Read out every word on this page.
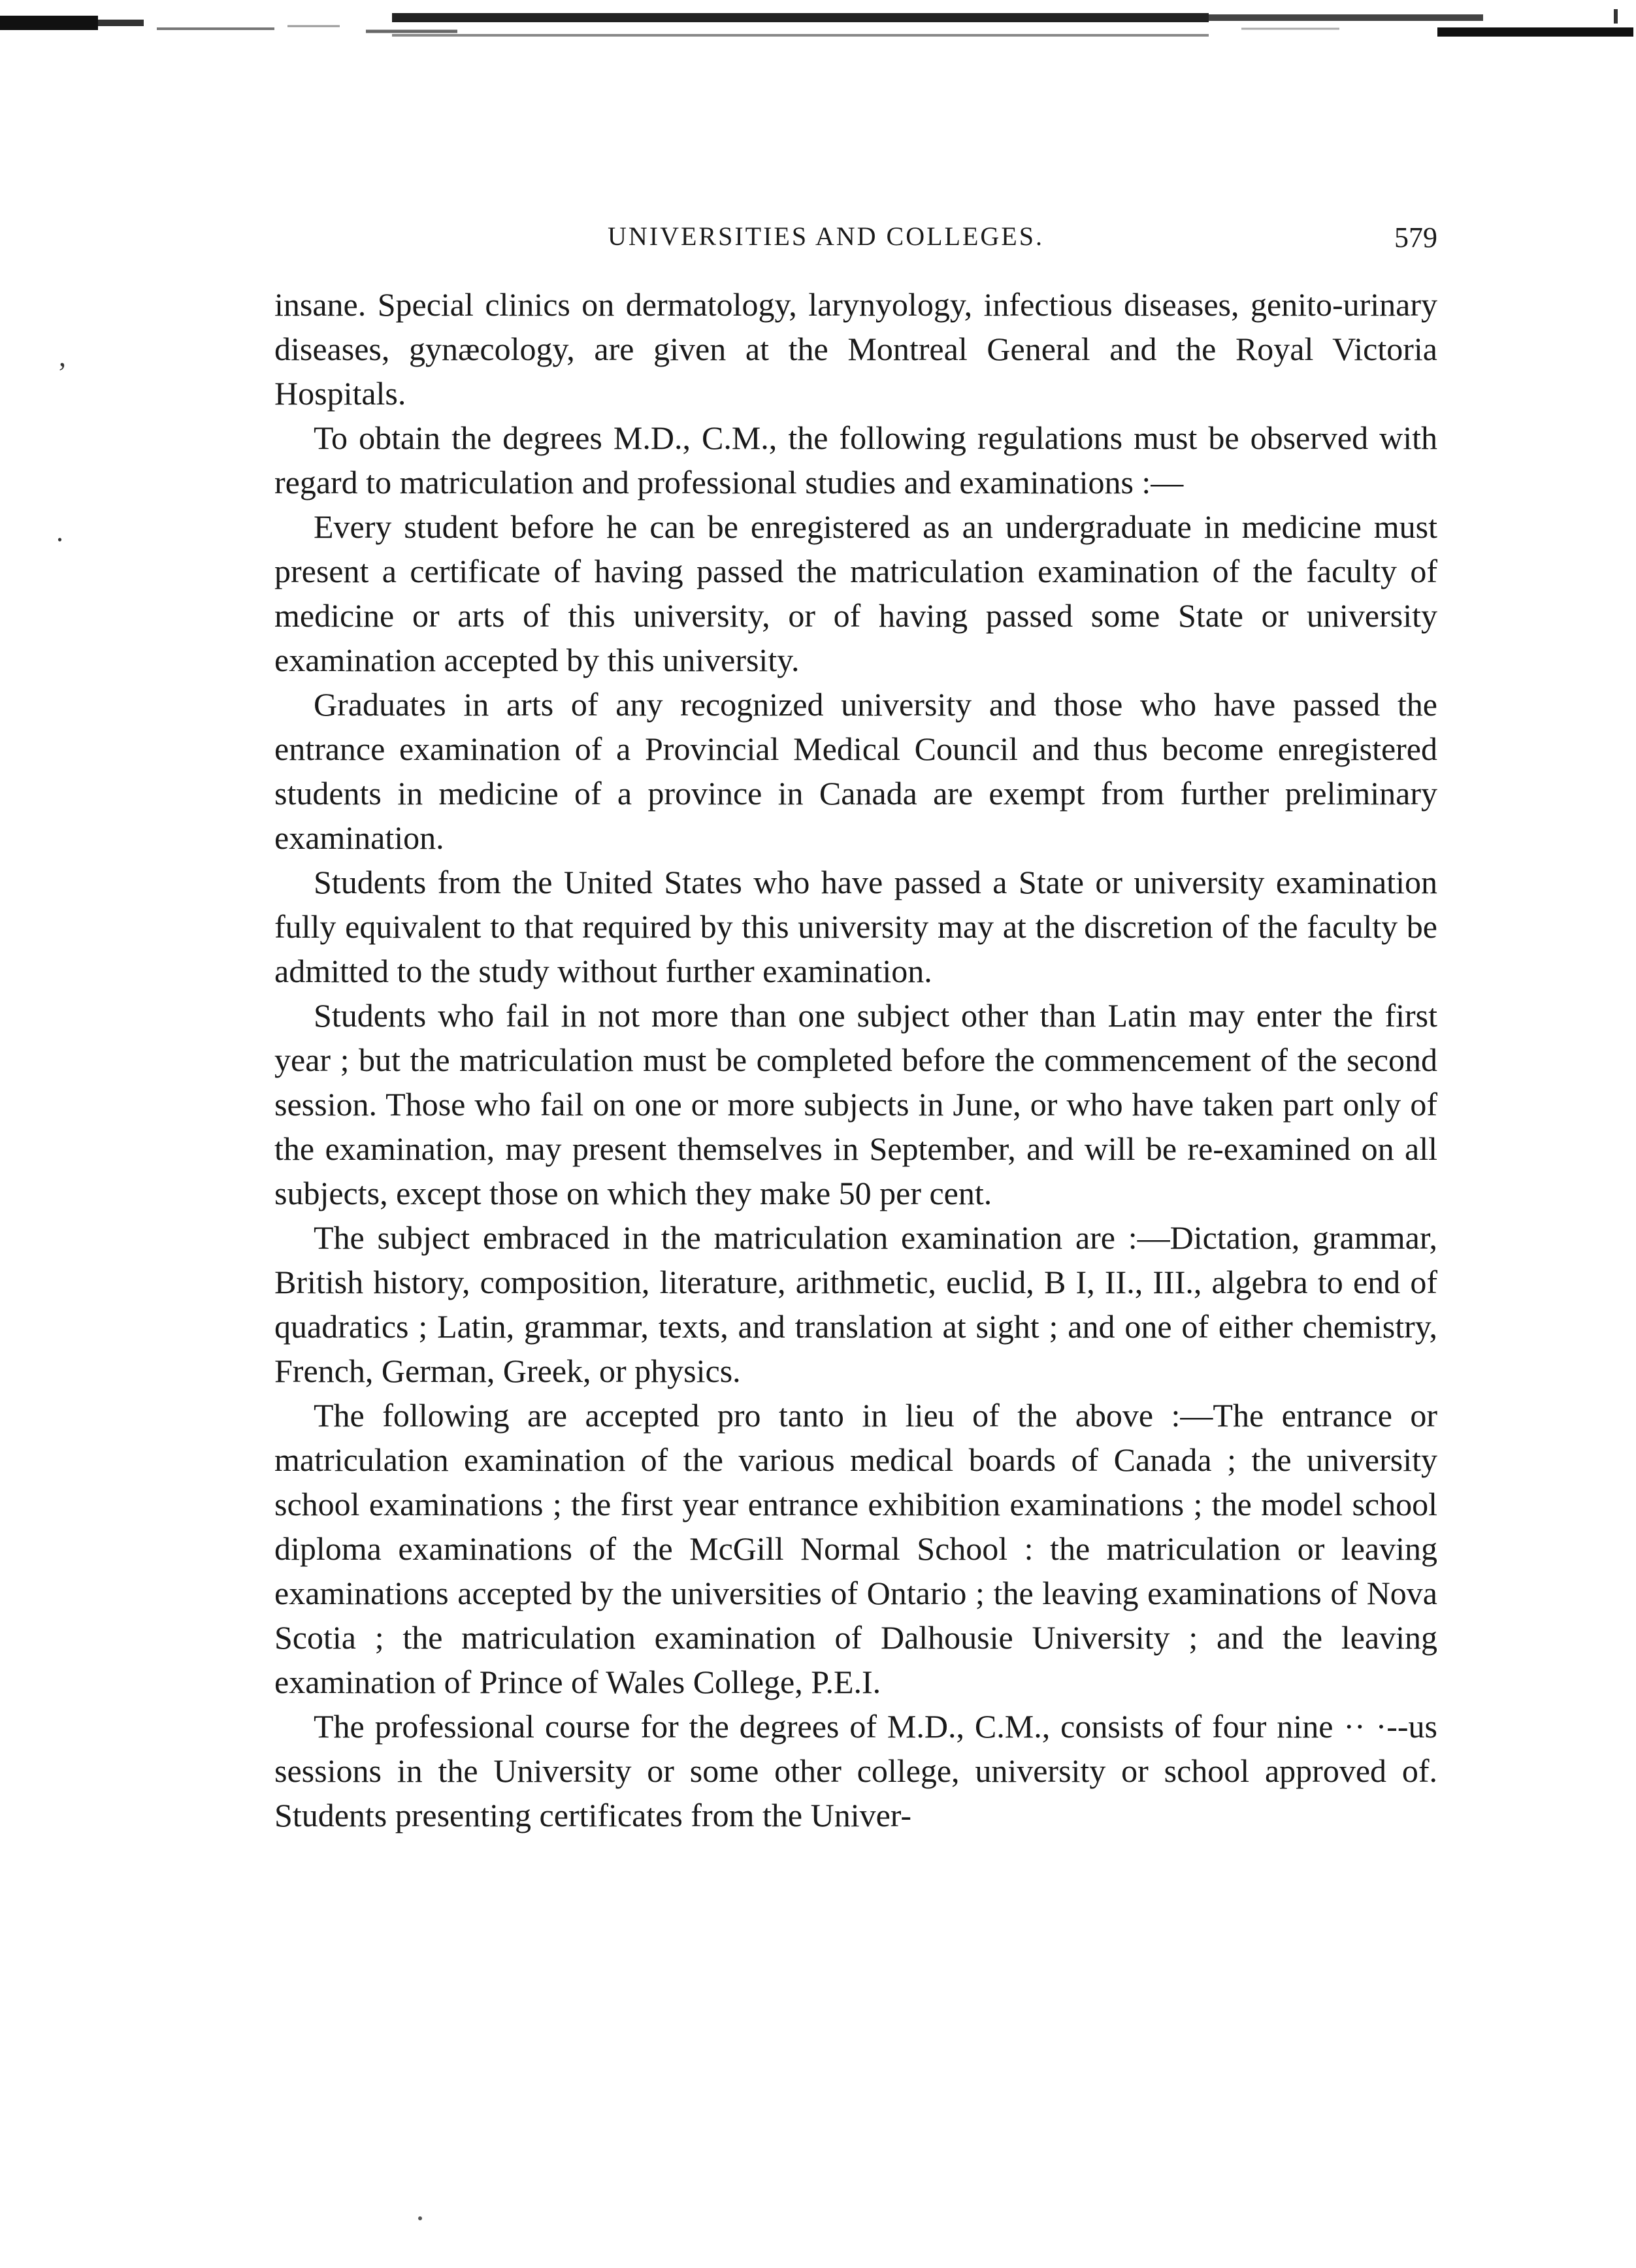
UNIVERSITIES AND COLLEGES.	579
,
.

insane. Special clinics on dermatology, larynyology, infectious diseases, genito-urinary diseases, gynæcology, are given at the Montreal General and the Royal Victoria Hospitals.

To obtain the degrees M.D., C.M., the following regulations must be observed with regard to matriculation and professional studies and examinations :—

Every student before he can be enregistered as an undergraduate in medicine must present a certificate of having passed the matriculation examination of the faculty of medicine or arts of this university, or of having passed some State or university examination accepted by this university.

Graduates in arts of any recognized university and those who have passed the entrance examination of a Provincial Medical Council and thus become enregistered students in medicine of a province in Canada are exempt from further preliminary examination.

Students from the United States who have passed a State or university examination fully equivalent to that required by this university may at the discretion of the faculty be admitted to the study without further examination.

Students who fail in not more than one subject other than Latin may enter the first year ; but the matriculation must be completed before the commencement of the second session. Those who fail on one or more subjects in June, or who have taken part only of the examination, may present themselves in September, and will be re-examined on all subjects, except those on which they make 50 per cent.

The subject embraced in the matriculation examination are :—Dictation, grammar, British history, composition, literature, arithmetic, euclid, B I, II., III., algebra to end of quadratics ; Latin, grammar, texts, and translation at sight ; and one of either chemistry, French, German, Greek, or physics.

The following are accepted pro tanto in lieu of the above :—The entrance or matriculation examination of the various medical boards of Canada ; the university school examinations ; the first year entrance exhibition examinations ; the model school diploma examinations of the McGill Normal School : the matriculation or leaving examinations accepted by the universities of Ontario ; the leaving examinations of Nova Scotia ; the matriculation examination of Dalhousie University ; and the leaving examination of Prince of Wales College, P.E.I.

The professional course for the degrees of M.D., C.M., consists of four nine ·· ·-‐us sessions in the University or some other college, university or school approved of. Students presenting certificates from the Univer-
